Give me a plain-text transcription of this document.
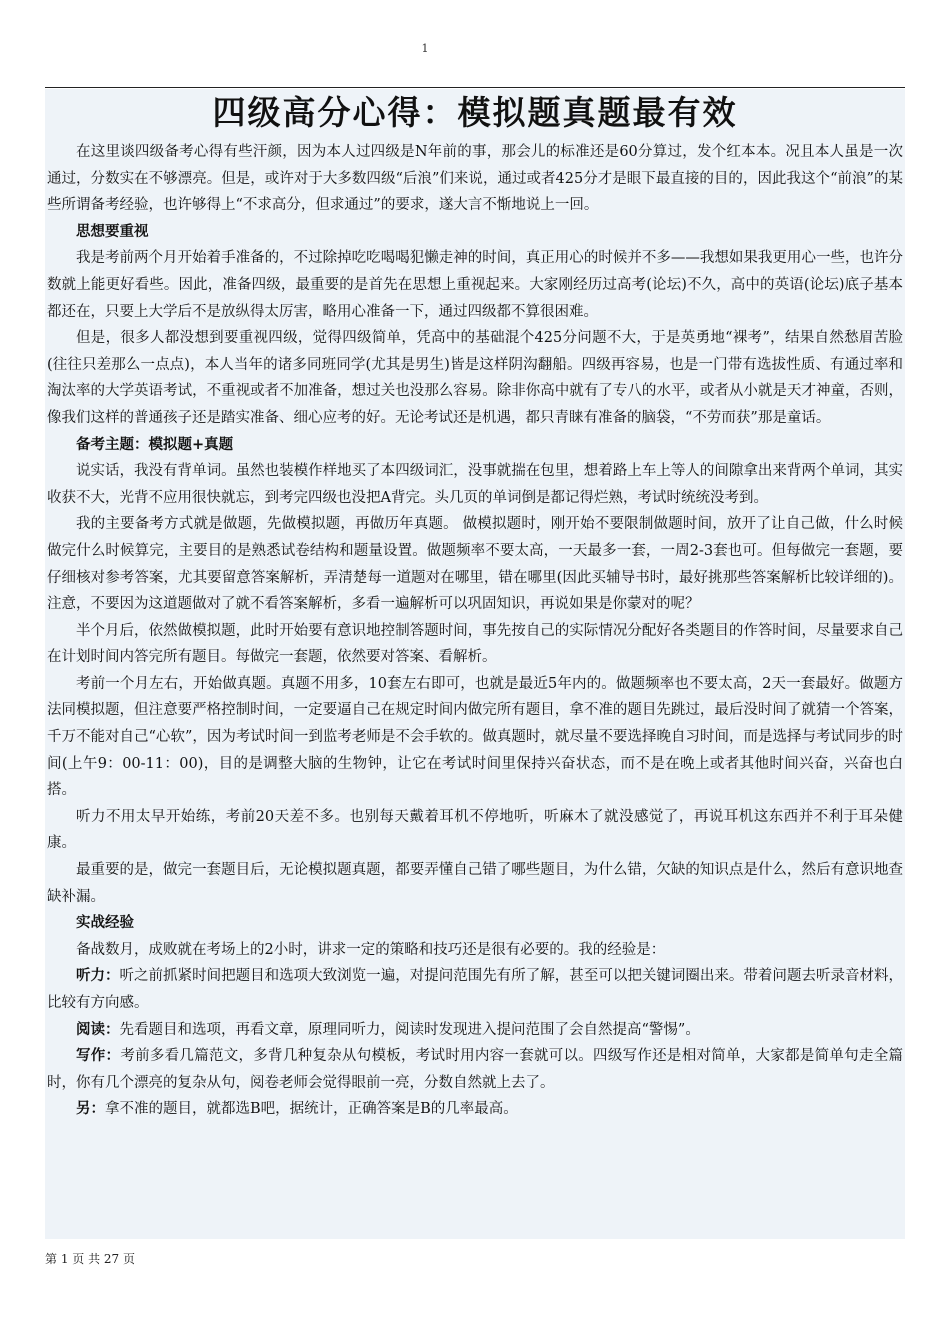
1
四级高分心得：模拟题真题最有效

在这里谈四级备考心得有些汗颜，因为本人过四级是N年前的事，那会儿的标准还是60分算过，发个红本本。况且本人虽是一次通过，分数实在不够漂亮。但是，或许对于大多数四级“后浪”们来说，通过或者425分才是眼下最直接的目的，因此我这个“前浪”的某些所谓备考经验，也许够得上“不求高分，但求通过”的要求，遂大言不惭地说上一回。

思想要重视

我是考前两个月开始着手准备的，不过除掉吃吃喝喝犯懒走神的时间，真正用心的时候并不多——我想如果我更用心一些，也许分数就上能更好看些。因此，准备四级，最重要的是首先在思想上重视起来。大家刚经历过高考(论坛)不久，高中的英语(论坛)底子基本都还在，只要上大学后不是放纵得太厉害，略用心准备一下，通过四级都不算很困难。

但是，很多人都没想到要重视四级，觉得四级简单，凭高中的基础混个425分问题不大，于是英勇地“裸考”，结果自然愁眉苦脸(往往只差那么一点点)，本人当年的诸多同班同学(尤其是男生)皆是这样阴沟翻船。四级再容易，也是一门带有选拔性质、有通过率和淘汰率的大学英语考试，不重视或者不加准备，想过关也没那么容易。除非你高中就有了专八的水平，或者从小就是天才神童，否则，像我们这样的普通孩子还是踏实准备、细心应考的好。无论考试还是机遇，都只青睐有准备的脑袋，“不劳而获”那是童话。

备考主题：模拟题+真题

说实话，我没有背单词。虽然也装模作样地买了本四级词汇，没事就揣在包里，想着路上车上等人的间隙拿出来背两个单词，其实收获不大，光背不应用很快就忘，到考完四级也没把A背完。头几页的单词倒是都记得烂熟，考试时统统没考到。

我的主要备考方式就是做题，先做模拟题，再做历年真题。 做模拟题时，刚开始不要限制做题时间，放开了让自己做，什么时候做完什么时候算完，主要目的是熟悉试卷结构和题量设置。做题频率不要太高，一天最多一套，一周2-3套也可。但每做完一套题，要仔细核对参考答案，尤其要留意答案解析，弄清楚每一道题对在哪里，错在哪里(因此买辅导书时，最好挑那些答案解析比较详细的)。注意，不要因为这道题做对了就不看答案解析，多看一遍解析可以巩固知识，再说如果是你蒙对的呢？

半个月后，依然做模拟题，此时开始要有意识地控制答题时间，事先按自己的实际情况分配好各类题目的作答时间，尽量要求自己在计划时间内答完所有题目。每做完一套题，依然要对答案、看解析。

考前一个月左右，开始做真题。真题不用多，10套左右即可，也就是最近5年内的。做题频率也不要太高，2天一套最好。做题方法同模拟题，但注意要严格控制时间，一定要逼自己在规定时间内做完所有题目，拿不准的题目先跳过，最后没时间了就猜一个答案，千万不能对自己“心软”，因为考试时间一到监考老师是不会手软的。做真题时，就尽量不要选择晚自习时间，而是选择与考试同步的时间(上午9：00-11：00)，目的是调整大脑的生物钟，让它在考试时间里保持兴奋状态，而不是在晚上或者其他时间兴奋，兴奋也白搭。

听力不用太早开始练，考前20天差不多。也别每天戴着耳机不停地听，听麻木了就没感觉了，再说耳机这东西并不利于耳朵健康。

最重要的是，做完一套题目后，无论模拟题真题，都要弄懂自己错了哪些题目，为什么错，欠缺的知识点是什么，然后有意识地查缺补漏。

实战经验

备战数月，成败就在考场上的2小时，讲求一定的策略和技巧还是很有必要的。我的经验是：

听力：听之前抓紧时间把题目和选项大致浏览一遍，对提问范围先有所了解，甚至可以把关键词圈出来。带着问题去听录音材料，比较有方向感。

阅读：先看题目和选项，再看文章，原理同听力，阅读时发现进入提问范围了会自然提高“警惕”。

写作：考前多看几篇范文，多背几种复杂从句模板，考试时用内容一套就可以。四级写作还是相对简单，大家都是简单句走全篇时，你有几个漂亮的复杂从句，阅卷老师会觉得眼前一亮，分数自然就上去了。

另：拿不准的题目，就都选B吧，据统计，正确答案是B的几率最高。

第 1 页 共 27 页
